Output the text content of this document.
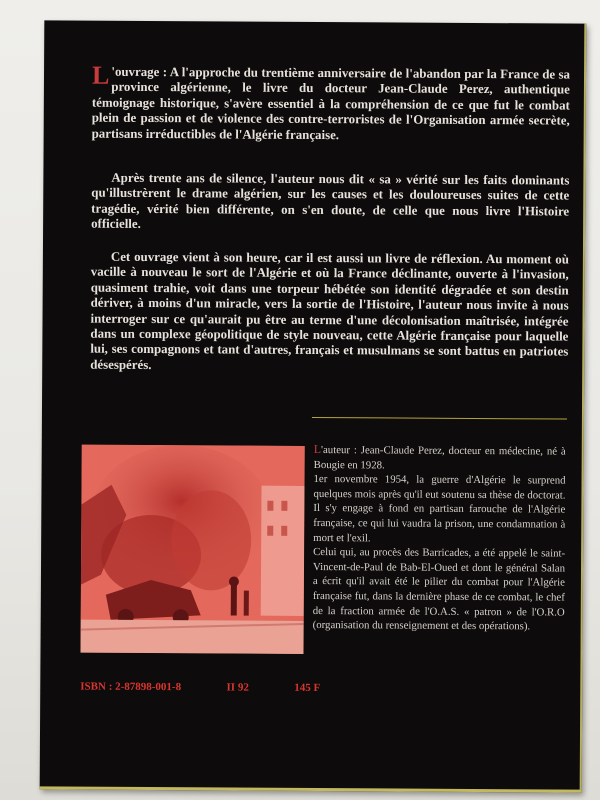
L 'ouvrage : A l'approche du trentième anniversaire de l'abandon par la France de sa province algérienne, le livre du docteur Jean-Claude Perez, authentique témoignage historique, s'avère essentiel à la compréhension de ce que fut le combat plein de passion et de violence des contre-terroristes de l'Organisation armée secrète, partisans irréductibles de l'Algérie française.

Après trente ans de silence, l'auteur nous dit « sa » vérité sur les faits dominants qu'illustrèrent le drame algérien, sur les causes et les douloureuses suites de cette tragédie, vérité bien différente, on s'en doute, de celle que nous livre l'Histoire officielle.

Cet ouvrage vient à son heure, car il est aussi un livre de réflexion. Au moment où vacille à nouveau le sort de l'Algérie et où la France déclinante, ouverte à l'invasion, quasiment trahie, voit dans une torpeur hébétée son identité dégradée et son destin dériver, à moins d'un miracle, vers la sortie de l'Histoire, l'auteur nous invite à nous interroger sur ce qu'aurait pu être au terme d'une décolonisation maîtrisée, intégrée dans un complexe géopolitique de style nouveau, cette Algérie française pour laquelle lui, ses compagnons et tant d'autres, français et musulmans se sont battus en patriotes désespérés.

L'auteur : Jean-Claude Perez, docteur en médecine, né à Bougie en 1928.

1er novembre 1954, la guerre d'Algérie le surprend quelques mois après qu'il eut soutenu sa thèse de doctorat. Il s'y engage à fond en partisan farouche de l'Algérie française, ce qui lui vaudra la prison, une condamnation à mort et l'exil.

Celui qui, au procès des Barricades, a été appelé le saint-Vincent-de-Paul de Bab-El-Oued et dont le général Salan a écrit qu'il avait été le pilier du combat pour l'Algérie française fut, dans la dernière phase de ce combat, le chef de la fraction armée de l'O.A.S. « patron » de l'O.R.O (organisation du renseignement et des opérations).

ISBN : 2-87898-001-8	II 92	145 F
